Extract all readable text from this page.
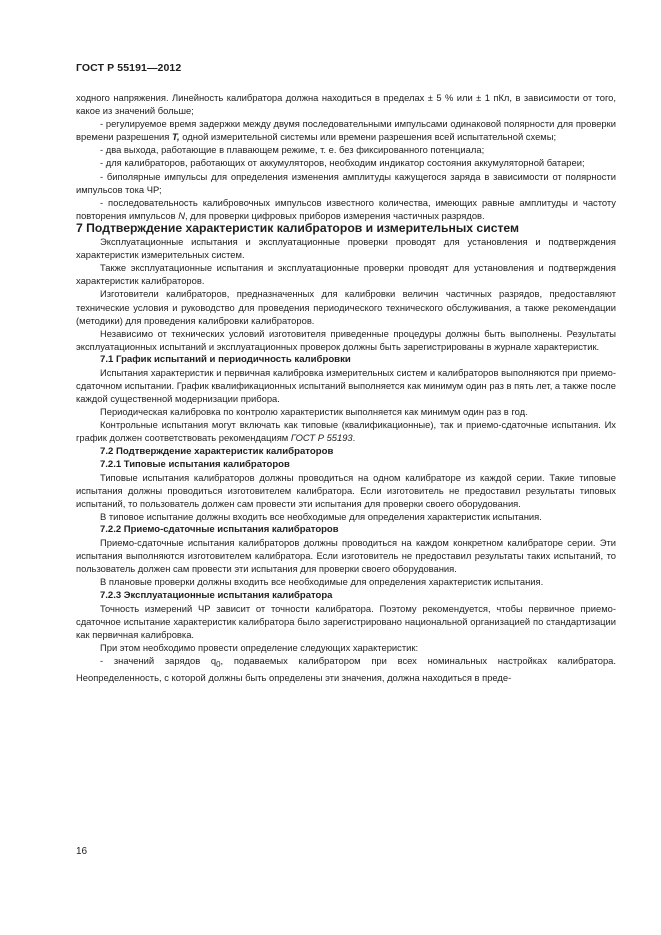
ГОСТ Р 55191—2012

ходного напряжения. Линейность калибратора должна находиться в пределах ± 5 % или ± 1 пКл, в зависимости от того, какое из значений больше;

- регулируемое время задержки между двумя последовательными импульсами одинаковой полярности для проверки времени разрешения T, одной измерительной системы или времени разрешения всей испытательной схемы;

- два выхода, работающие в плавающем режиме, т. е. без фиксированного потенциала;

- для калибраторов, работающих от аккумуляторов, необходим индикатор состояния аккумуляторной батареи;

- биполярные импульсы для определения изменения амплитуды кажущегося заряда в зависимости от полярности импульсов тока ЧР;

- последовательность калибровочных импульсов известного количества, имеющих равные амплитуды и частоту повторения импульсов N, для проверки цифровых приборов измерения частичных разрядов.

7 Подтверждение характеристик калибраторов и измерительных систем

Эксплуатационные испытания и эксплуатационные проверки проводят для установления и подтверждения характеристик измерительных систем.

Также эксплуатационные испытания и эксплуатационные проверки проводят для установления и подтверждения характеристик калибраторов.

Изготовители калибраторов, предназначенных для калибровки величин частичных разрядов, предоставляют технические условия и руководство для проведения периодического технического обслуживания, а также рекомендации (методики) для проведения калибровки калибраторов.

Независимо от технических условий изготовителя приведенные процедуры должны быть выполнены. Результаты эксплуатационных испытаний и эксплуатационных проверок должны быть зарегистрированы в журнале характеристик.

7.1 График испытаний и периодичность калибровки

Испытания характеристик и первичная калибровка измерительных систем и калибраторов выполняются при приемо-сдаточном испытании. График квалификационных испытаний выполняется как минимум один раз в пять лет, а также после каждой существенной модернизации прибора.

Периодическая калибровка по контролю характеристик выполняется как минимум один раз в год.

Контрольные испытания могут включать как типовые (квалификационные), так и приемо-сдаточные испытания. Их график должен соответствовать рекомендациям ГОСТ Р 55193.

7.2 Подтверждение характеристик калибраторов

7.2.1 Типовые испытания калибраторов

Типовые испытания калибраторов должны проводиться на одном калибраторе из каждой серии. Такие типовые испытания должны проводиться изготовителем калибратора. Если изготовитель не предоставил результаты типовых испытаний, то пользователь должен сам провести эти испытания для проверки своего оборудования.

В типовое испытание должны входить все необходимые для определения характеристик испытания.

7.2.2 Приемо-сдаточные испытания калибраторов

Приемо-сдаточные испытания калибраторов должны проводиться на каждом конкретном калибраторе серии. Эти испытания выполняются изготовителем калибратора. Если изготовитель не предоставил результаты таких испытаний, то пользователь должен сам провести эти испытания для проверки своего оборудования.

В плановые проверки должны входить все необходимые для определения характеристик испытания.

7.2.3 Эксплуатационные испытания калибратора

Точность измерений ЧР зависит от точности калибратора. Поэтому рекомендуется, чтобы первичное приемо-сдаточное испытание характеристик калибратора было зарегистрировано национальной организацией по стандартизации как первичная калибровка.

При этом необходимо провести определение следующих характеристик:

- значений зарядов $q_0$, подаваемых калибратором при всех номинальных настройках калибратора. Неопределенность, с которой должны быть определены эти значения, должна находиться в преде-

16
